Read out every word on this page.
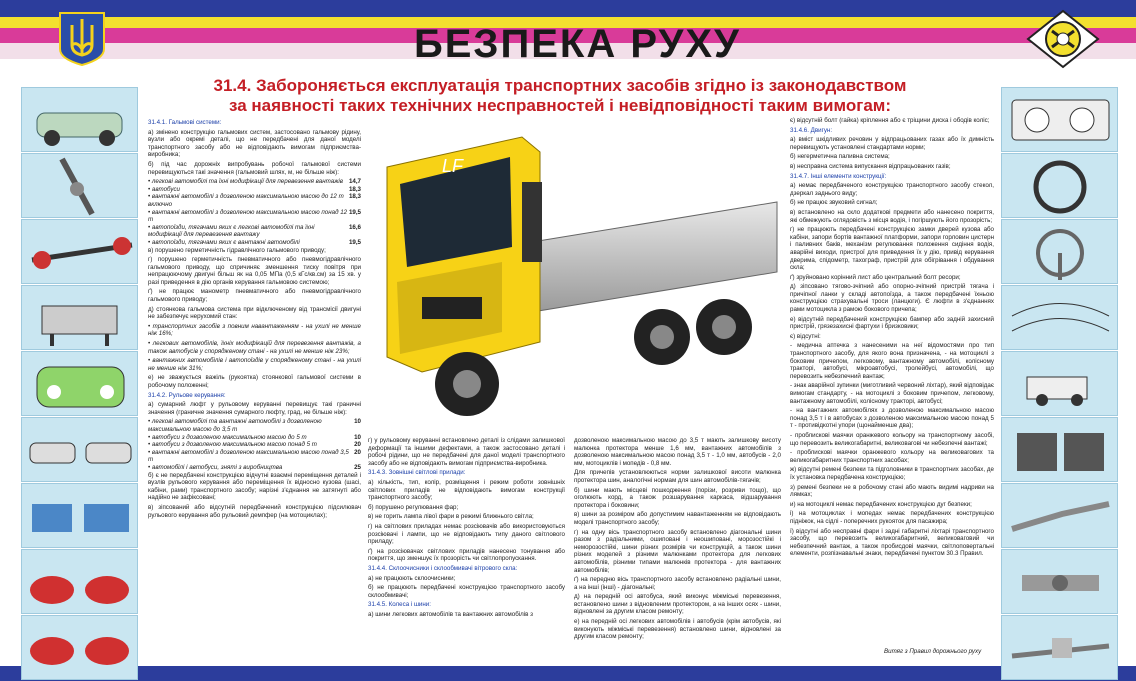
БЕЗПЕКА РУХУ
31.4. Забороняється експлуатація транспортних засобів згідно із законодавством
за наявності таких технічних несправностей і невідповідності таким вимогам:
LF
31.4.1. Гальмові системи:

а) змінено конструкцію гальмових систем, застосовано гальмову рідину, вузли або окремі деталі, що не передбачені для даної моделі транспортного засобу або не відповідають вимогам підприємства-виробника;

б) під час дорожніх випробувань робочої гальмової системи перевищуються такі значення (гальмовий шлях, м, не більше ніж):

• легкові автомобілі та їхні модифікації для перевезення вантажів 14,7
• автобуси	18,3
• вантажні автомобілі з дозволеною максимальною масою до 12 т включно
18,3
• вантажні автомобілі з дозволеною максимальною масою понад 12 т
19,5
• автопоїзди, тягачами яких є легкові автомобілі та їхні модифікації для перевезення вантажу
16,6
• автопоїзди, тягачами яких є вантажні автомобілі	19,5

в) порушено герметичність гідравлічного гальмового приводу;

г) порушено герметичність пневматичного або пневмогідравлічного гальмового приводу, що спричиняє зменшення тиску повітря при непрацюючому двигуні більш як на 0,05 МПа (0,5 кГс/кв.см) за 15 хв. у разі приведення в дію органів керування гальмовою системою;

ґ) не працює манометр пневматичного або пневмогідравлічного гальмового приводу;

д) стоянкова гальмова система при відключеному від трансмісії двигуні не забезпечує нерухомий стан:

• транспортних засобів з повним навантаженням - на ухилі не менше ніж 16%;

• легкових автомобілів, їхніх модифікацій для перевезення вантажів, а також автобусів у спорядженому стані - на ухилі не менше ніж 23%;

• вантажних автомобілів і автопоїздів у спорядженому стані - на ухилі не менше ніж 31%;

е) не зважується важіль (рукоятка) стоянкової гальмової системи в робочому положенні;

31.4.2. Рульове керування:

а) сумарний люфт у рульовому керуванні перевищує такі граничні значення (граничне значення сумарного люфту, град, не більше ніж):

• легкові автомобілі та вантажні автомобілі з дозволеною максимальною масою до 3,5 т
10
• автобуси з дозволеною максимальною масою до 5 т	10
• автобуси з дозволеною максимальною масою понад 5 т	20
• вантажні автомобілі з дозволеною максимальною масою понад 3,5 т
20
• автомобілі і автобуси, зняті з виробництва	25

б) є не передбачені конструкцією відчутні взаємні переміщення деталей і вузлів рульового керування або переміщення їх відносно кузова (шасі, кабіни, рами) транспортного засобу; нарізні з'єднання не затягнуті або надійно не зафіксовані;

в) зіпсований або відсутній передбачений конструкцією підсилювач рульового керування або рульовий демпфер (на мотоциклах);

г) у рульовому керуванні встановлено деталі із слідами залишкової деформації та іншими дефектами, а також застосовано деталі і робочі рідини, що не передбачені для даної моделі транспортного засобу або не відповідають вимогам підприємства-виробника.

31.4.3. Зовнішні світлові прилади:

а) кількість, тип, колір, розміщення і режим роботи зовнішніх світлових приладів не відповідають вимогам конструкції транспортного засобу;

б) порушено регулювання фар;

в) не горить лампа лівої фари в режимі ближнього світла;

г) на світлових приладах немає розсіювачів або використовуються розсіювачі і лампи, що не відповідають типу даного світлового приладу;

ґ) на розсіювачах світлових приладів нанесено тонування або покриття, що зменшує їх прозорість чи світлопропускання.

31.4.4. Склоочисники і склообмивачі вітрового скла:

а) не працюють склоочисники;

б) не працюють передбачені конструкцією транспортного засобу склообмивачі;

31.4.5. Колеса і шини:

а) шини легкових автомобілів та вантажних автомобілів з

дозволеною максимальною масою до 3,5 т мають залишкову висоту малюнка протектора менше 1,6 мм, вантажних автомобілів з дозволеною максимальною масою понад 3,5 т - 1,0 мм, автобусів - 2,0 мм, мотоциклів і мопедів - 0,8 мм.

Для причепів установлюються норми залишкової висоти малюнка протектора шин, аналогічні нормам для шин автомобілів-тягачів;

б) шини мають місцеві пошкодження (порізи, розриви тощо), що оголюють корд, а також розшарування каркаса, відшарування протектора і боковини;

в) шини за розміром або допустимим навантаженням не відповідають моделі транспортного засобу;

г) на одну вісь транспортного засобу встановлено діагональні шини разом з радіальними, ошиповані і неошиповані, морозостійкі і неморозостійкі, шини різних розмірів чи конструкцій, а також шини різних моделей з різними малюнками протектора для легкових автомобілів, різними типами малюнків протектора - для вантажних автомобілів;

ґ) на передню вісь транспортного засобу встановлено радіальні шини, а на інші (інші) - діагональні;

д) на передній осі автобуса, який виконує міжміські перевезення, встановлено шини з відновленим протектором, а на інших осях - шини, відновлені за другим класом ремонту;

е) на передній осі легкових автомобілів і автобусів (крім автобусів, які виконують міжміські перевезення) встановлено шини, відновлені за другим класом ремонту;

є) відсутній болт (гайка) кріплення або є тріщини диска і ободів коліс;

31.4.6. Двигун:

а) вміст шкідливих речовин у відпрацьованих газах або їх димність перевищують установлені стандартами норми;

б) негерметична паливна система;

в) несправна система випускання відпрацьованих газів;

31.4.7. Інші елементи конструкції:

а) немає передбаченого конструкцією транспортного засобу стекол, дзеркал заднього виду;

б) не працює звуковий сигнал;

в) встановлено на скло додаткові предмети або нанесено покриття, які обмежують оглядовість з місця водія, і погіршують його прозорість;

г) не працюють передбачені конструкцією замки дверей кузова або кабіни, запори бортів вантажної платформи, запори горловин цистерн і паливних баків, механізм регулювання положення сидіння водія, аварійні виходи, пристрої для приведення їх у дію, привід керування дверима, спідометр, тахограф, пристрій для обігрівання і обдування скла;

ґ) зруйновано корінний лист або центральний болт ресори;

д) зіпсовано тягово-зчіпний або опорно-зчіпний пристрій тягача і причіпної ланки у складі автопоїзда, а також передбачені їхньою конструкцією страхувальні троси (ланцюги). Є люфти в з'єднаннях рами мотоцикла з рамою бокового причепа;

е) відсутній передбачений конструкцією бампер або задній захисний пристрій, грязезахисні фартухи і бризковики;

є) відсутні:

- медична аптечка з нанесеними на неї відомостями про тип транспортного засобу, для якого вона призначена, - на мотоциклі з боковим причепом, легковому, вантажному автомобілі, колісному тракторі, автобусі, мікроавтобусі, тролейбусі, автомобілі, що перевозить небезпечний вантаж;

- знак аварійної зупинки (миготливий червоний ліхтар), який відповідає вимогам стандарту, - на мотоциклі з боковим причепом, легковому, вантажному автомобілі, колісному тракторі, автобусі;

- на вантажних автомобілях з дозволеною максимальною масою понад 3,5 т і в автобусах з дозволеною максимальною масою понад 5 т - противідкотні упори (щонайменше два);

- проблискові маячки оранжевого кольору на транспортному засобі, що перевозить великогабаритні, великовагові чи небезпечні вантажі;

- проблискові маячки оранжевого кольору на великовагових та великогабаритних транспортних засобах;

ж) відсутні ремені безпеки та підголовники в транспортних засобах, де їх установка передбачена конструкцією;

з) ремені безпеки не в робочому стані або мають видимі надриви на лямках;

и) на мотоциклі немає передбачених конструкцією дуг безпеки;

і) на мотоциклах і мопедах немає передбачених конструкцією підніжок, на сідлі - поперечних рукояток для пасажира;

ї) відсутні або несправні фари і задні габаритні ліхтарі транспортного засобу, що перевозить великогабаритний, великоваговий чи небезпечний вантаж, а також пробисдові маячки, світлоповертальні елементи, розпізнавальні знаки, передбачені пунктом 30.3 Правил.

Витяг з Правил дорожнього руху
